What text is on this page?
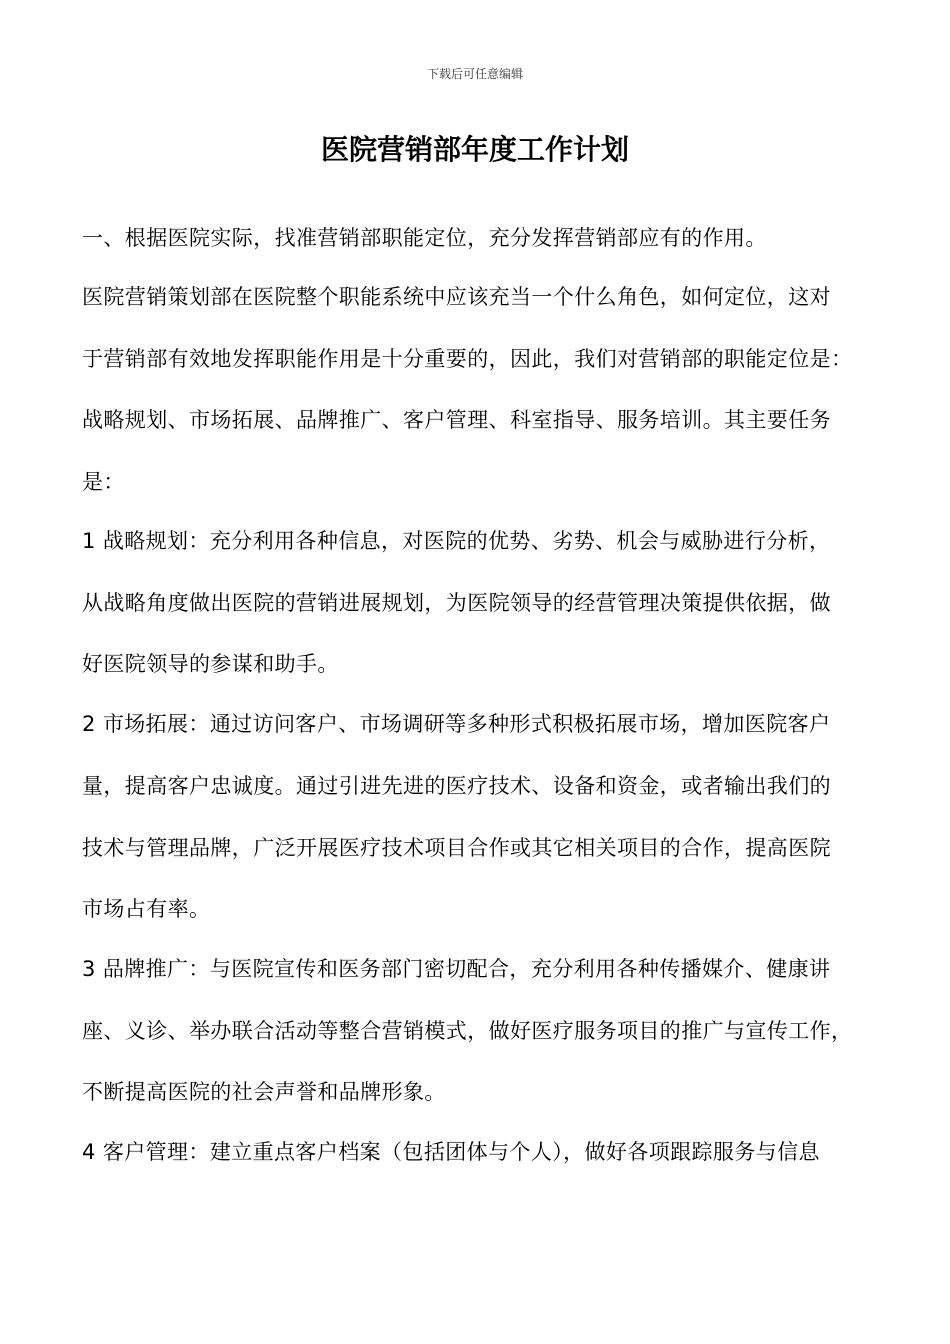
下载后可任意编辑
医院营销部年度工作计划
一、根据医院实际，找准营销部职能定位，充分发挥营销部应有的作用。
医院营销策划部在医院整个职能系统中应该充当一个什么角色，如何定位，这对
于营销部有效地发挥职能作用是十分重要的，因此，我们对营销部的职能定位是：
战略规划、市场拓展、品牌推广、客户管理、科室指导、服务培训。其主要任务
是：
1 战略规划：充分利用各种信息，对医院的优势、劣势、机会与威胁进行分析，
从战略角度做出医院的营销进展规划，为医院领导的经营管理决策提供依据，做
好医院领导的参谋和助手。
2 市场拓展：通过访问客户、市场调研等多种形式积极拓展市场，增加医院客户
量，提高客户忠诚度。通过引进先进的医疗技术、设备和资金，或者输出我们的
技术与管理品牌，广泛开展医疗技术项目合作或其它相关项目的合作，提高医院
市场占有率。
3 品牌推广：与医院宣传和医务部门密切配合，充分利用各种传播媒介、健康讲
座、义诊、举办联合活动等整合营销模式，做好医疗服务项目的推广与宣传工作，
不断提高医院的社会声誉和品牌形象。
4 客户管理：建立重点客户档案（包括团体与个人），做好各项跟踪服务与信息
